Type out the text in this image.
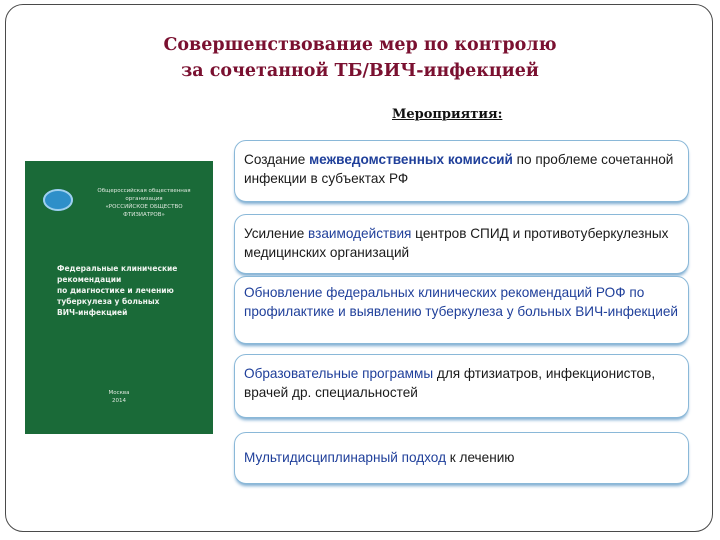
Совершенствование мер по контролю
за сочетанной ТБ/ВИЧ-инфекцией
Мероприятия:
Общероссийская общественная организация
«РОССИЙСКОЕ ОБЩЕСТВО
ФТИЗИАТРОВ»
Федеральные клинические
рекомендации
по диагностике и лечению
туберкулеза у больных
ВИЧ-инфекцией
Москва
2014
Создание межведомственных комиссий по проблеме сочетанной инфекции в субъектах РФ
Усиление взаимодействия центров СПИД и противотуберкулезных медицинских организаций
Обновление федеральных клинических рекомендаций РОФ по профилактике и выявлению туберкулеза у больных ВИЧ-инфекцией
Образовательные программы для фтизиатров, инфекционистов, врачей др. специальностей
Мультидисциплинарный подход к лечению
